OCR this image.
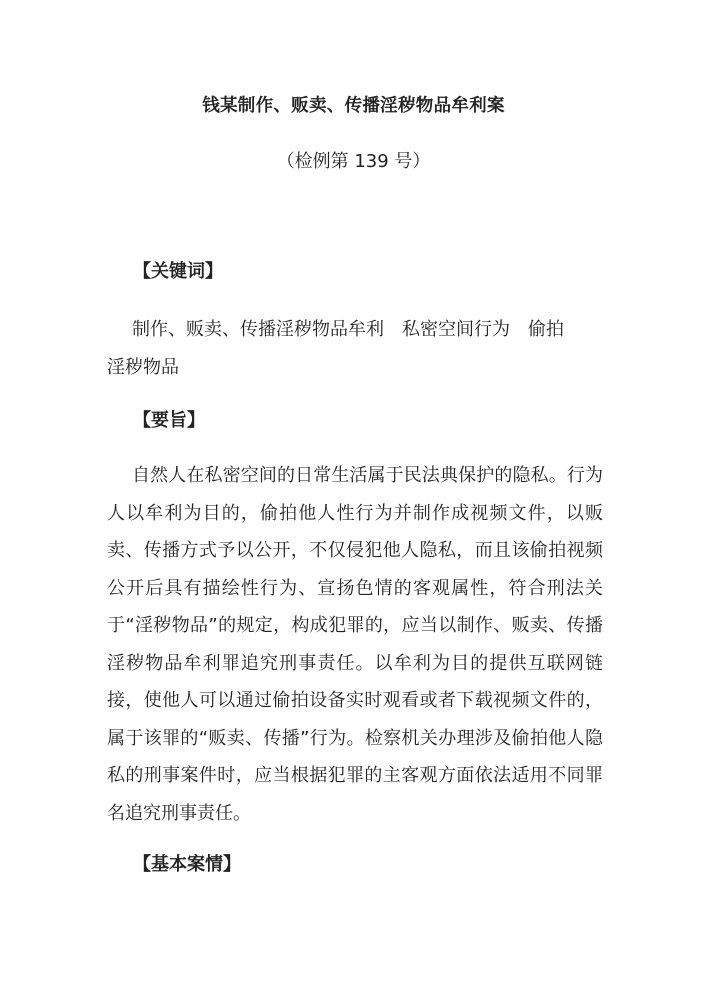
钱某制作、贩卖、传播淫秽物品牟利案
（检例第 139 号）
【关键词】

制作、贩卖、传播淫秽物品牟利 私密空间行为 偷拍

淫秽物品
【要旨】

自然人在私密空间的日常生活属于民法典保护的隐私。行为人以牟利为目的，偷拍他人性行为并制作成视频文件，以贩卖、传播方式予以公开，不仅侵犯他人隐私，而且该偷拍视频公开后具有描绘性行为、宣扬色情的客观属性，符合刑法关于“淫秽物品”的规定，构成犯罪的，应当以制作、贩卖、传播淫秽物品牟利罪追究刑事责任。以牟利为目的提供互联网链接，使他人可以通过偷拍设备实时观看或者下载视频文件的，属于该罪的“贩卖、传播”行为。检察机关办理涉及偷拍他人隐私的刑事案件时，应当根据犯罪的主客观方面依法适用不同罪名追究刑事责任。

【基本案情】
